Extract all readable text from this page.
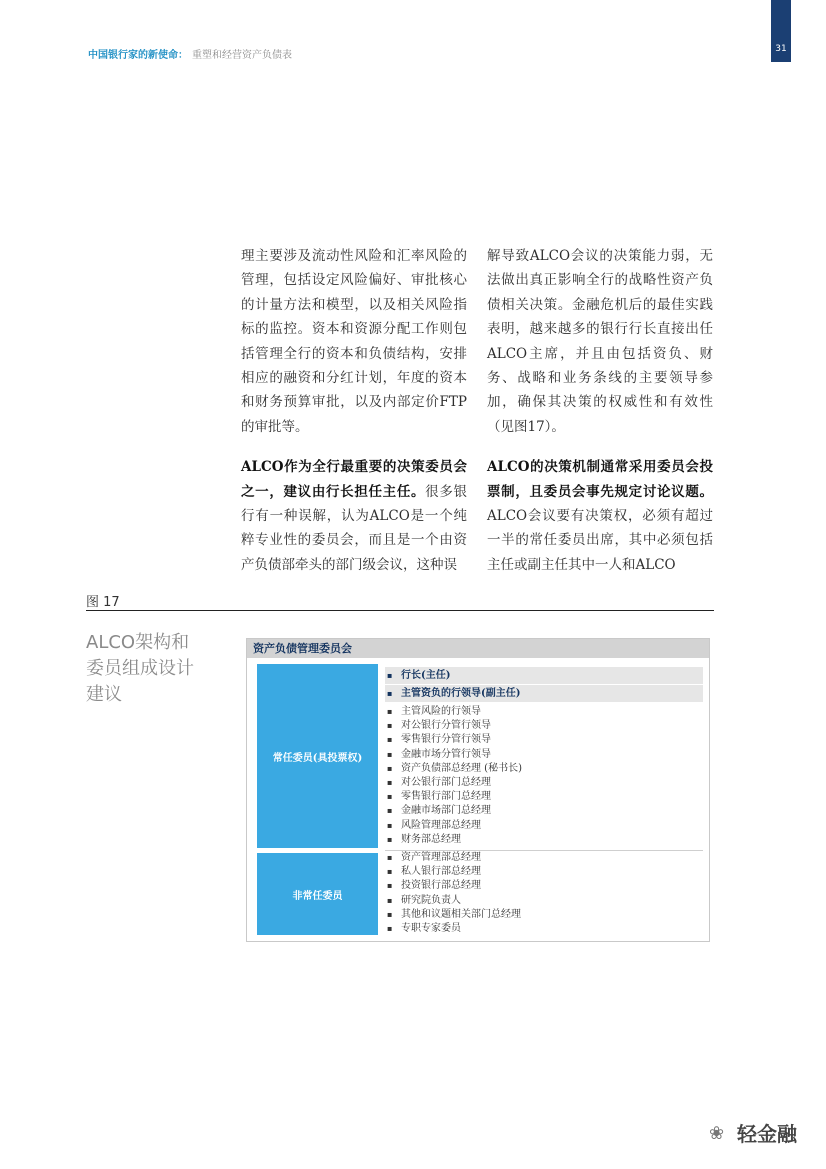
中国银行家的新使命： 重塑和经营资产负债表
31

理主要涉及流动性风险和汇率风险的管理，包括设定风险偏好、审批核心的计量方法和模型，以及相关风险指标的监控。资本和资源分配工作则包括管理全行的资本和负债结构，安排相应的融资和分红计划，年度的资本和财务预算审批，以及内部定价FTP的审批等。

ALCO作为全行最重要的决策委员会之一，建议由行长担任主任。很多银行有一种误解，认为ALCO是一个纯粹专业性的委员会，而且是一个由资产负债部牵头的部门级会议，这种误

解导致ALCO会议的决策能力弱，无法做出真正影响全行的战略性资产负债相关决策。金融危机后的最佳实践表明，越来越多的银行行长直接出任ALCO主席，并且由包括资负、财务、战略和业务条线的主要领导参加，确保其决策的权威性和有效性（见图17）。

ALCO的决策机制通常采用委员会投票制，且委员会事先规定讨论议题。ALCO会议要有决策权，必须有超过一半的常任委员出席，其中必须包括主任或副主任其中一人和ALCO

图 17
ALCO架构和
委员组成设计
建议
资产负债管理委员会
常任委员(具投票权)
▪ 行长(主任)
▪ 主管资负的行领导(副主任)
▪ 主管风险的行领导
▪ 对公银行分管行领导
▪ 零售银行分管行领导
▪ 金融市场分管行领导
▪ 资产负债部总经理 (秘书长)
▪ 对公银行部门总经理
▪ 零售银行部门总经理
▪ 金融市场部门总经理
▪ 风险管理部总经理
▪ 财务部总经理
非常任委员
▪ 资产管理部总经理
▪ 私人银行部总经理
▪ 投资银行部总经理
▪ 研究院负责人
▪ 其他和议题相关部门总经理
▪ 专职专家委员
❀ 轻金融
